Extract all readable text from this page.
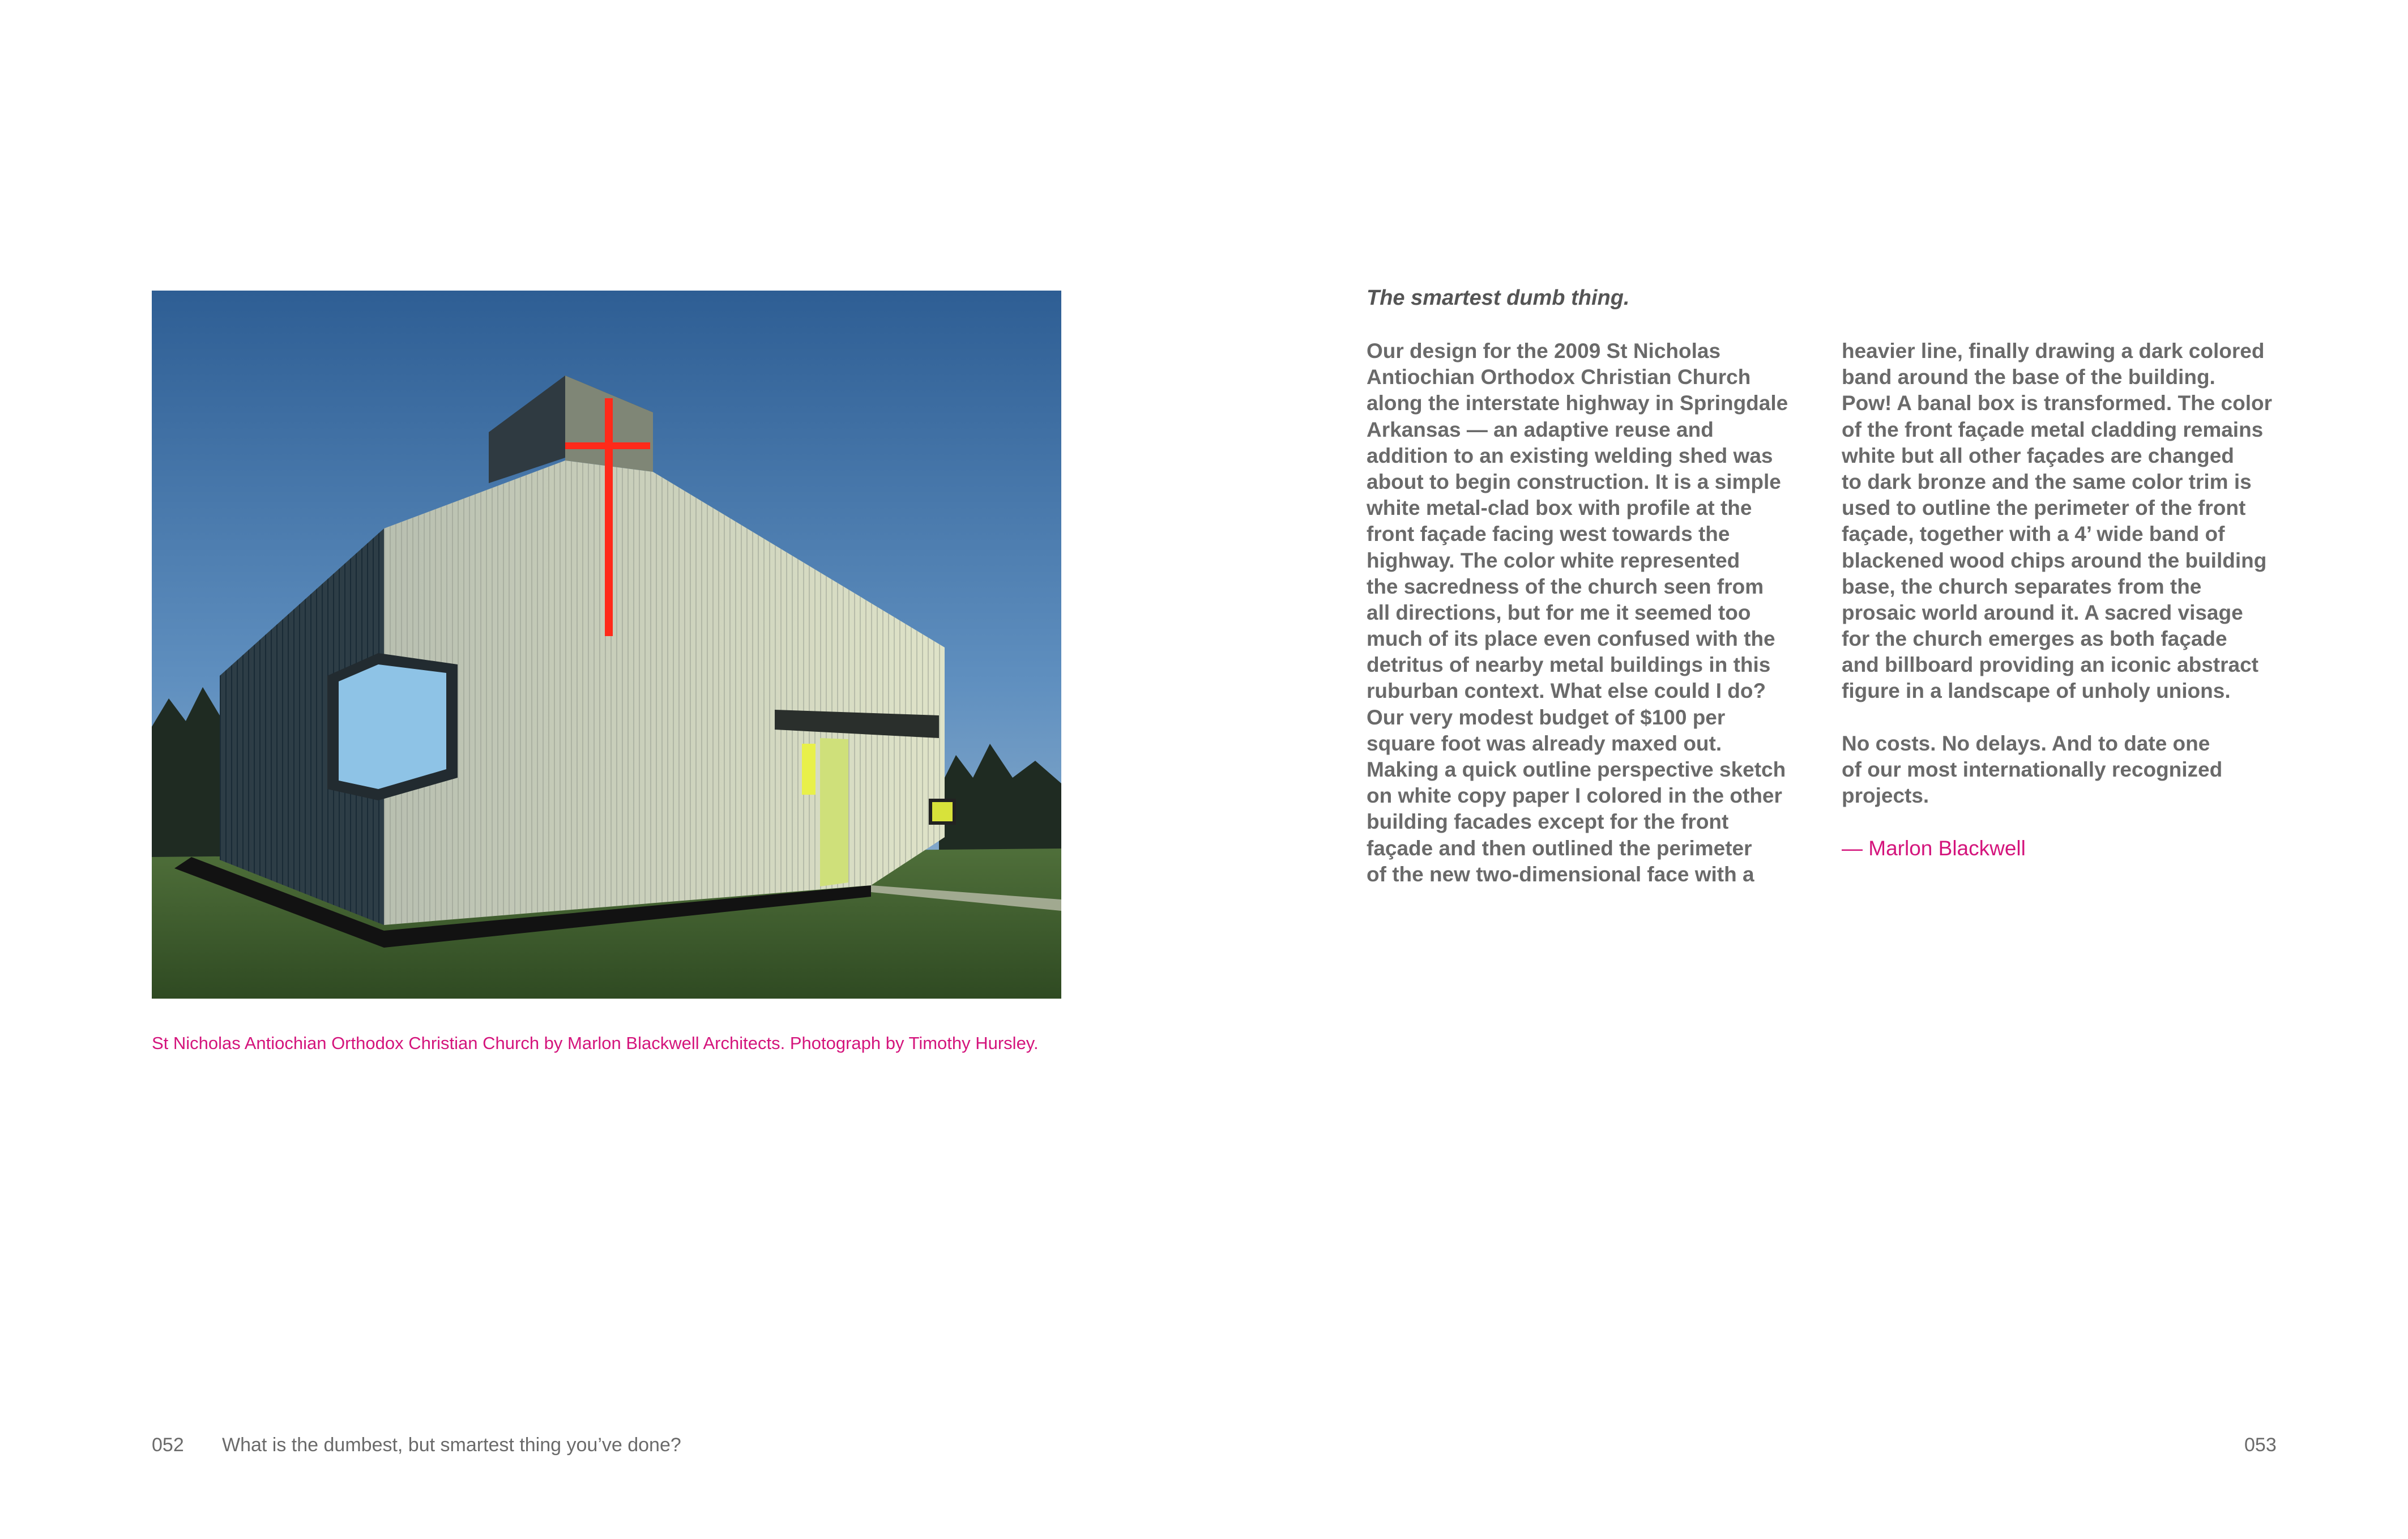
St Nicholas Antiochian Orthodox Christian Church by Marlon Blackwell Architects. Photograph by Timothy Hursley.
The smartest dumb thing.
Our design for the 2009 St Nicholas
Antiochian Orthodox Christian Church
along the interstate highway in Springdale
Arkansas — an adaptive reuse and
addition to an existing welding shed was
about to begin construction. It is a simple
white metal-clad box with profile at the
front façade facing west towards the
highway. The color white represented
the sacredness of the church seen from
all directions, but for me it seemed too
much of its place even confused with the
detritus of nearby metal buildings in this
ruburban context. What else could I do?
Our very modest budget of $100 per
square foot was already maxed out.
Making a quick outline perspective sketch
on white copy paper I colored in the other
building facades except for the front
façade and then outlined the perimeter
of the new two-dimensional face with a
heavier line, finally drawing a dark colored
band around the base of the building.
Pow! A banal box is transformed. The color
of the front façade metal cladding remains
white but all other façades are changed
to dark bronze and the same color trim is
used to outline the perimeter of the front
façade, together with a 4’ wide band of
blackened wood chips around the building
base, the church separates from the
prosaic world around it. A sacred visage
for the church emerges as both façade
and billboard providing an iconic abstract
figure in a landscape of unholy unions.
No costs. No delays. And to date one
of our most internationally recognized
projects.
— Marlon Blackwell
052 What is the dumbest, but smartest thing you’ve done?	053
